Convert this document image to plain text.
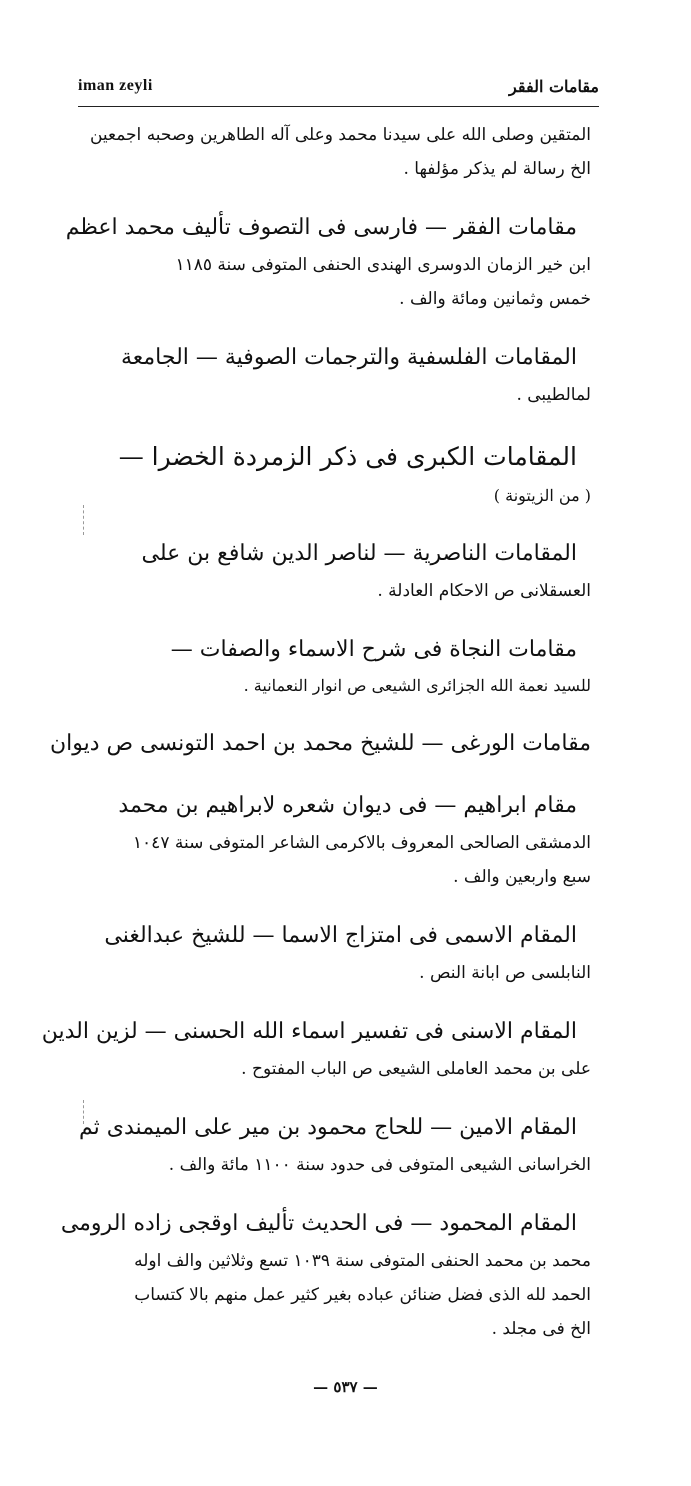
iman zeyli	مقامات الفقر
المتقين وصلى الله على سيدنا محمد وعلى آله الطاهرين وصحبه اجمعين
الخ رسالة لم يذكر مؤلفها .
مقامات الفقر — فارسى فى التصوف تأليف محمد اعظم
ابن خير الزمان الدوسرى الهندى الحنفى المتوفى سنة ١١٨٥
خمس وثمانين ومائة والف .
المقامات الفلسفية والترجمات الصوفية — الجامعة
لمالطيبى .
المقامات الكبرى فى ذكر الزمردة الخضرا —
( من الزيتونة )
المقامات الناصرية — لناصر الدين شافع بن على
العسقلانى ص الاحكام العادلة .
مقامات النجاة فى شرح الاسماء والصفات —
للسيد نعمة الله الجزائرى الشيعى ص انوار النعمانية .
مقامات الورغى — للشيخ محمد بن احمد التونسى ص ديوان
مقام ابراهيم — فى ديوان شعره لابراهيم بن محمد
الدمشقى الصالحى المعروف بالاكرمى الشاعر المتوفى سنة ١٠٤٧
سبع واربعين والف .
المقام الاسمى فى امتزاج الاسما — للشيخ عبدالغنى
النابلسى ص ابانة النص .
المقام الاسنى فى تفسير اسماء الله الحسنى — لزين الدين
على بن محمد العاملى الشيعى ص الباب المفتوح .
المقام الامين — للحاج محمود بن مير على الميمندى ثم
الخراسانى الشيعى المتوفى فى حدود سنة ١١٠٠ مائة والف .
المقام المحمود — فى الحديث تأليف اوقجى زاده الرومى
محمد بن محمد الحنفى المتوفى سنة ١٠٣٩ تسع وثلاثين والف اوله
الحمد لله الذى فضل ضنائن عباده بغير كثير عمل منهم بالا كتساب
الخ فى مجلد .
— ٥٣٧ —
